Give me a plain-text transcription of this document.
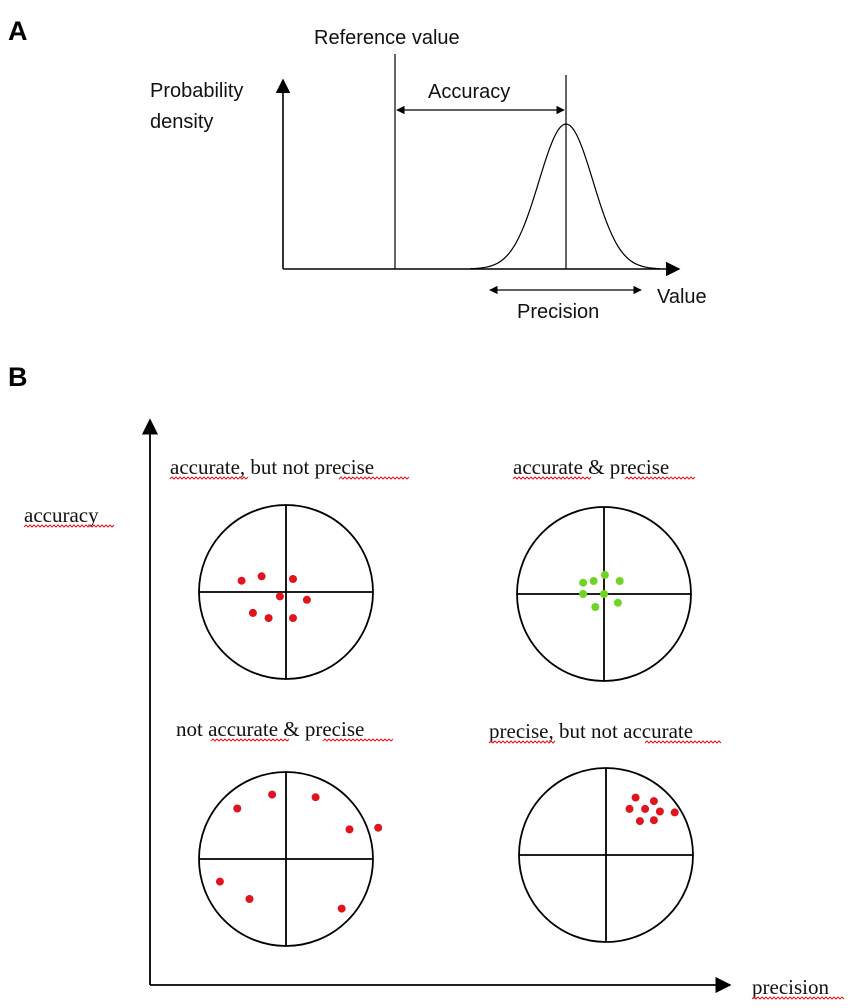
A
Probability
density
Value
Reference value
Accuracy
Precision
B
accuracy
precision
accurate, but not precise	accurate & precise
not accurate & precise	precise, but not accurate
